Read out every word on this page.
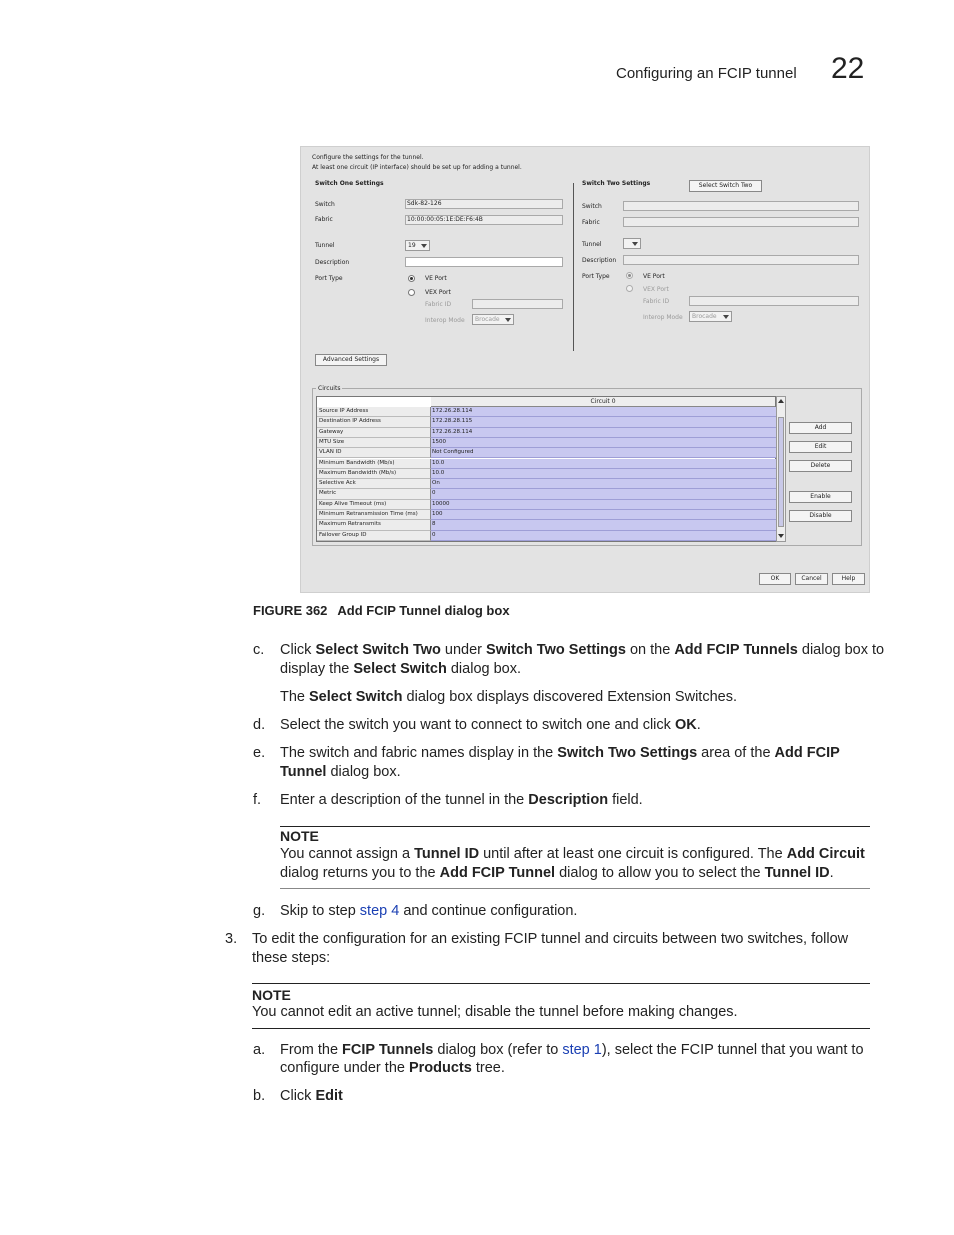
Configuring an FCIP tunnel 22
Configure the settings for the tunnel.
At least one circuit (IP interface) should be set up for adding a tunnel.
Switch One Settings
Switch	Sdk-82-126
Fabric	10:00:00:05:1E:DE:F6:4B
Tunnel	19
Description
Port Type	VE Port
VEX Port
Fabric ID
Interop Mode	Brocade
Switch Two Settings	Select Switch Two
Switch
Fabric
Tunnel
Description
Port Type	VE Port
VEX Port
Fabric ID
Interop Mode	Brocade
Advanced Settings
Circuits
Circuit 0
Source IP Address	172.26.28.114
Destination IP Address	172.28.28.115
Gateway	172.26.28.114
MTU Size	1500
VLAN ID	Not Configured
Minimum Bandwidth (Mb/s)	10.0
Maximum Bandwidth (Mb/s)	10.0
Selective Ack	On
Metric	0
Keep Alive Timeout (ms)	10000
Minimum Retransmission Time (ms)	100
Maximum Retransmits	8
Failover Group ID	0
Add
Edit
Delete
Enable
Disable
OK	Cancel	Help
FIGURE 362 Add FCIP Tunnel dialog box
c. Click Select Switch Two under Switch Two Settings on the Add FCIP Tunnels dialog box to
display the Select Switch dialog box.
The Select Switch dialog box displays discovered Extension Switches.
d. Select the switch you want to connect to switch one and click OK.
e. The switch and fabric names display in the Switch Two Settings area of the Add FCIP
Tunnel dialog box.
f. Enter a description of the tunnel in the Description field.
NOTE
You cannot assign a Tunnel ID until after at least one circuit is configured. The Add Circuit
dialog returns you to the Add FCIP Tunnel dialog to allow you to select the Tunnel ID.
g. Skip to step step 4 and continue configuration.
3. To edit the configuration for an existing FCIP tunnel and circuits between two switches, follow
these steps:
NOTE
You cannot edit an active tunnel; disable the tunnel before making changes.
a. From the FCIP Tunnels dialog box (refer to step 1), select the FCIP tunnel that you want to
configure under the Products tree.
b. Click Edit
